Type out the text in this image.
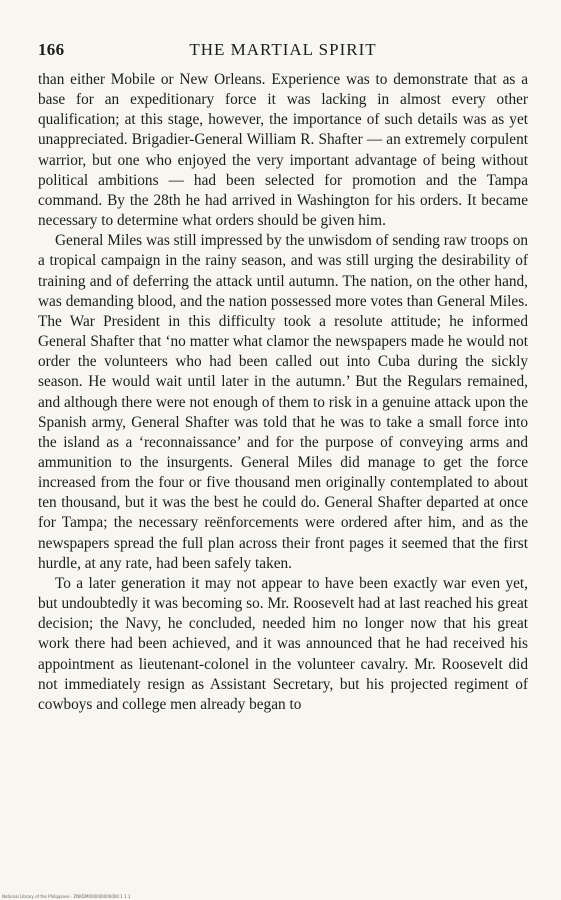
166	THE MARTIAL SPIRIT

than either Mobile or New Orleans. Experience was to demonstrate that as a base for an expeditionary force it was lacking in almost every other qualification; at this stage, however, the importance of such details was as yet unappreciated. Brigadier-General William R. Shafter — an extremely corpulent warrior, but one who enjoyed the very important advantage of being without political ambitions — had been selected for promotion and the Tampa command. By the 28th he had arrived in Washington for his orders. It became necessary to determine what orders should be given him.

General Miles was still impressed by the unwisdom of sending raw troops on a tropical campaign in the rainy season, and was still urging the desirability of training and of deferring the attack until autumn. The nation, on the other hand, was demanding blood, and the nation possessed more votes than General Miles. The War President in this difficulty took a resolute attitude; he informed General Shafter that ‘no matter what clamor the newspapers made he would not order the volunteers who had been called out into Cuba during the sickly season. He would wait until later in the autumn.’ But the Regulars remained, and although there were not enough of them to risk in a genuine attack upon the Spanish army, General Shafter was told that he was to take a small force into the island as a ‘reconnaissance’ and for the purpose of conveying arms and ammunition to the insurgents. General Miles did manage to get the force increased from the four or five thousand men originally contemplated to about ten thousand, but it was the best he could do. General Shafter departed at once for Tampa; the necessary reënforcements were ordered after him, and as the newspapers spread the full plan across their front pages it seemed that the first hurdle, at any rate, had been safely taken.

To a later generation it may not appear to have been exactly war even yet, but undoubtedly it was becoming so. Mr. Roosevelt had at last reached his great decision; the Navy, he concluded, needed him no longer now that his great work there had been achieved, and it was announced that he had received his appointment as lieutenant-colonel in the volunteer cavalry. Mr. Roosevelt did not immediately resign as Assistant Secretary, but his projected regiment of cowboys and college men already began to

National Library of the Philippines · ZNKDM000000000000 1 1 1
